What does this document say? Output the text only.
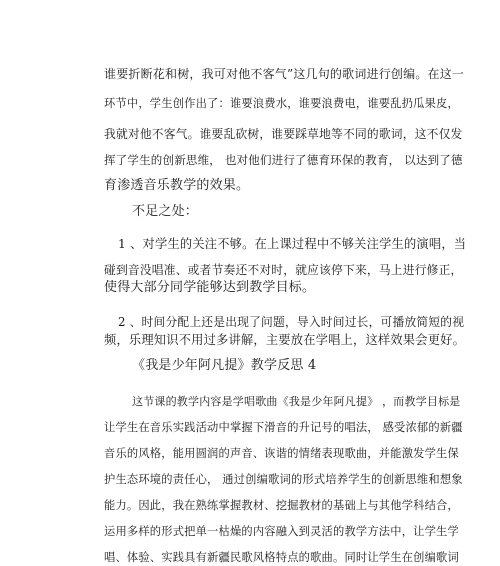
谁要折断花和树，我可对他不客气”这几句的歌词进行创编。在这一
环节中，学生创作出了：谁要浪费水，谁要浪费电，谁要乱扔瓜果皮，
我就对他不客气。谁要乱砍树，谁要踩草地等不同的歌词，这不仅发
挥了学生的创新思维， 也对他们进行了德育环保的教育， 以达到了德
育渗透音乐教学的效果。
不足之处：
1 、对学生的关注不够。在上课过程中不够关注学生的演唱，当
碰到音没唱准、或者节奏还不对时，就应该停下来，马上进行修正，
使得大部分同学能够达到教学目标。
2 、时间分配上还是出现了问题，导入时间过长，可播放简短的视
频，乐理知识不用过多讲解，主要放在学唱上，这样效果会更好。
《我是少年阿凡提》教学反思 4
这节课的教学内容是学唱歌曲《我是少年阿凡提》 ，而教学目标是
让学生在音乐实践活动中掌握下滑音的升记号的唱法， 感受浓郁的新疆
音乐的风格，能用圆润的声音、诙谐的情绪表现歌曲，并能激发学生保
护生态环境的责任心， 通过创编歌词的形式培养学生的创新思维和想象
能力。因此，我在熟练掌握教材、挖掘教材的基础上与其他学科结合，
运用多样的形式把单一枯燥的内容融入到灵活的教学方法中，让学生学
唱、体验、实践具有新疆民歌风格特点的歌曲。同时让学生在创编歌词
